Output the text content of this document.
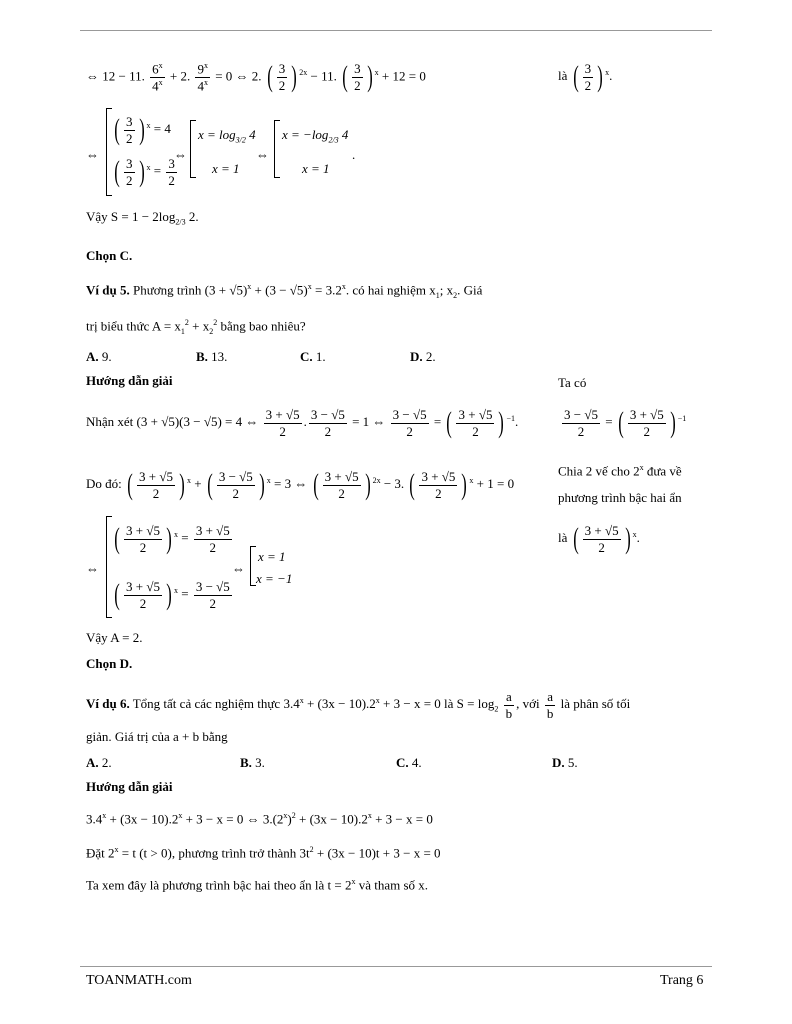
⇔ 12 − 11. $\frac{6^x}{4^x} + 2$. $\frac{9^x}{4^x} = 0$ ⇔ 2. ( $\frac{3}{2}$ ) $^{2x}$ − 11. ( $\frac{3}{2}$ ) $^x$ + 12 = 0	là ( $\frac{3}{2}$ ) $^x$.
⇔
( $\frac{3}{2}$ ) $^x$ = 4
( $\frac{3}{2}$ ) $^x = \frac{3}{2}$
⇔
$x = \log_{3/2} 4$
x = 1
⇔
$x = -\log_{2/3}$ 4
x = 1
.
Vậy $S = 1 - 2\log_{2/3}$ 2.
Chọn C.
Ví dụ 5. Phương trình $(3 + √5)^x + (3 - √5)^x = 3.2^x$. có hai nghiệm $x_1$; $x_2$. Giá
trị biểu thức $A = x_1^2 + x_2^2$ bằng bao nhiêu?
A. 9.	B. 13.	C. 1.	D. 2.
Hướng dẫn giải	Ta có
Nhận xét (3 + √5)(3 − √5) = 4 ⇔ $\frac{3 + √5}{2}$ . $\frac{3 - √5}{2} = 1$ ⇔ $\frac{3 - √5}{2}$ = ( $\frac{3 + √5}{2}$ ) $^{-1}$.	$\frac{3 - √5}{2}$ = ( $\frac{3 + √5}{2}$ ) $^{-1}$
Do đó: ( $\frac{3 + √5}{2}$ ) $^x$ + ( $\frac{3 - √5}{2}$ ) $^x$ = 3 ⇔ ( $\frac{3 + √5}{2}$ ) $^{2x}$ − 3. ( $\frac{3 + √5}{2}$ ) $^x$ + 1 = 0
Chia 2 vế cho 2$^x$ đưa về
phương trình bậc hai ẩn
là ( $\frac{3 + √5}{2}$ ) $^x$.
⇔
( $\frac{3 + √5}{2}$ ) $^x = \frac{3 + √5}{2}$
( $\frac{3 + √5}{2}$ ) $^x = \frac{3 - √5}{2}$
⇔
x = 1
x = −1
Vậy A = 2.
Chọn D.
Ví dụ 6. Tổng tất cả các nghiệm thực $3.4^x + (3x - 10).2^x + 3 - x = 0$ là $S = \log_2 \frac{a}{b}$ , với $\frac{a}{b}$ là phân số tối
giản. Giá trị của a + b bằng
A. 2.	B. 3.	C. 4.	D. 5.
Hướng dẫn giải
$3.4^x + (3x - 10).2^x + 3 - x = 0$ ⇔ $3.(2^x)^2 + (3x - 10).2^x + 3 - x = 0$
Đặt $2^x = t$ (t > 0), phương trình trở thành $3t^2 + (3x - 10)t + 3 - x = 0$
Ta xem đây là phương trình bậc hai theo ẩn là $t = 2^x$ và tham số x.
TOANMATH.com	Trang 6
